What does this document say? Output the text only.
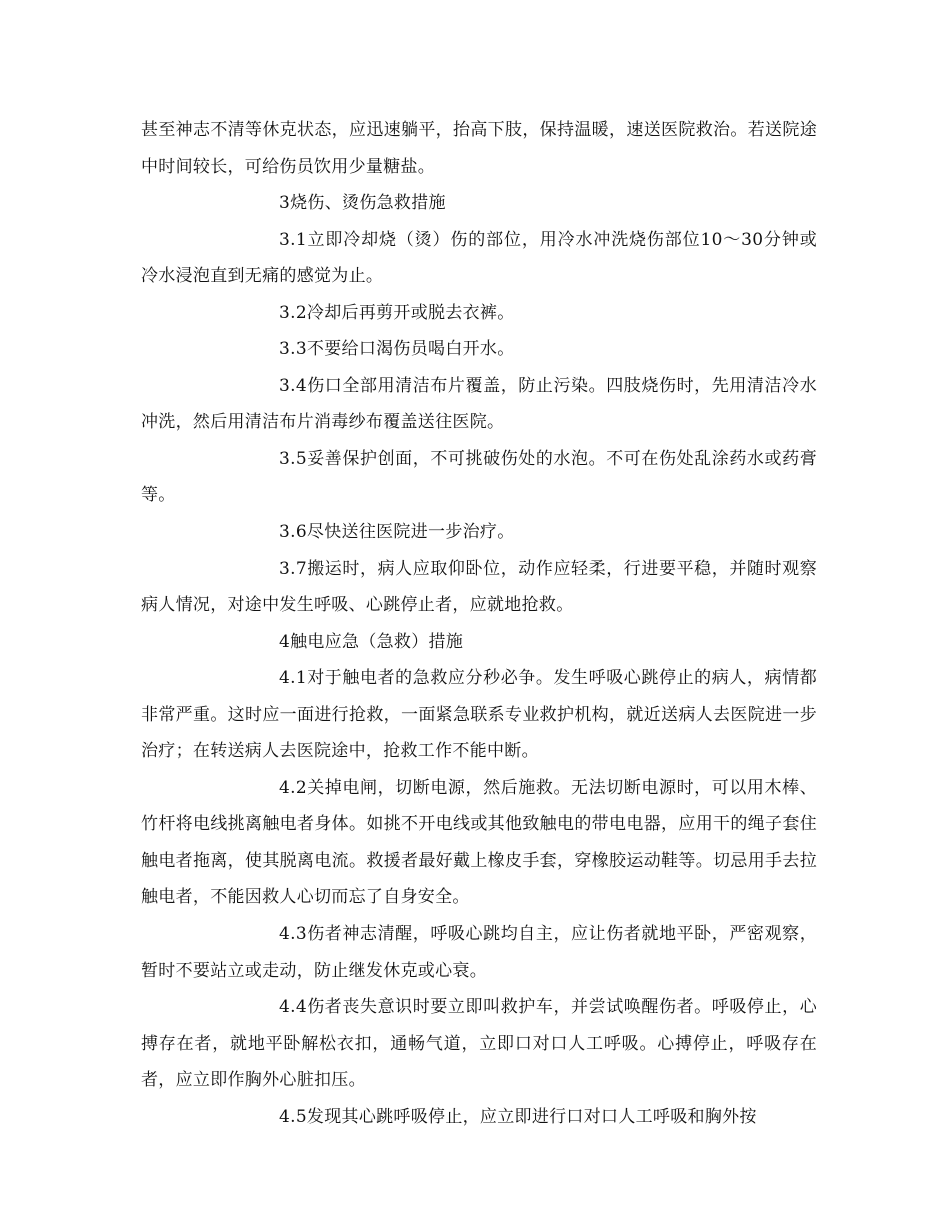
甚至神志不清等休克状态，应迅速躺平，抬高下肢，保持温暖，速送医院救治。若送院途中时间较长，可给伤员饮用少量糖盐。

3烧伤、烫伤急救措施

3.1立即冷却烧（烫）伤的部位，用冷水冲洗烧伤部位10～30分钟或冷水浸泡直到无痛的感觉为止。

3.2冷却后再剪开或脱去衣裤。

3.3不要给口渴伤员喝白开水。

3.4伤口全部用清洁布片覆盖，防止污染。四肢烧伤时，先用清洁冷水冲洗，然后用清洁布片消毒纱布覆盖送往医院。

3.5妥善保护创面，不可挑破伤处的水泡。不可在伤处乱涂药水或药膏等。

3.6尽快送往医院进一步治疗。

3.7搬运时，病人应取仰卧位，动作应轻柔，行进要平稳，并随时观察病人情况，对途中发生呼吸、心跳停止者，应就地抢救。

4触电应急（急救）措施

4.1对于触电者的急救应分秒必争。发生呼吸心跳停止的病人，病情都非常严重。这时应一面进行抢救，一面紧急联系专业救护机构，就近送病人去医院进一步治疗；在转送病人去医院途中，抢救工作不能中断。

4.2关掉电闸，切断电源，然后施救。无法切断电源时，可以用木棒、竹杆将电线挑离触电者身体。如挑不开电线或其他致触电的带电电器，应用干的绳子套住触电者拖离，使其脱离电流。救援者最好戴上橡皮手套，穿橡胶运动鞋等。切忌用手去拉触电者，不能因救人心切而忘了自身安全。

4.3伤者神志清醒，呼吸心跳均自主，应让伤者就地平卧，严密观察，暂时不要站立或走动，防止继发休克或心衰。

4.4伤者丧失意识时要立即叫救护车，并尝试唤醒伤者。呼吸停止，心搏存在者，就地平卧解松衣扣，通畅气道，立即口对口人工呼吸。心搏停止，呼吸存在者，应立即作胸外心脏扣压。

4.5发现其心跳呼吸停止，应立即进行口对口人工呼吸和胸外按
